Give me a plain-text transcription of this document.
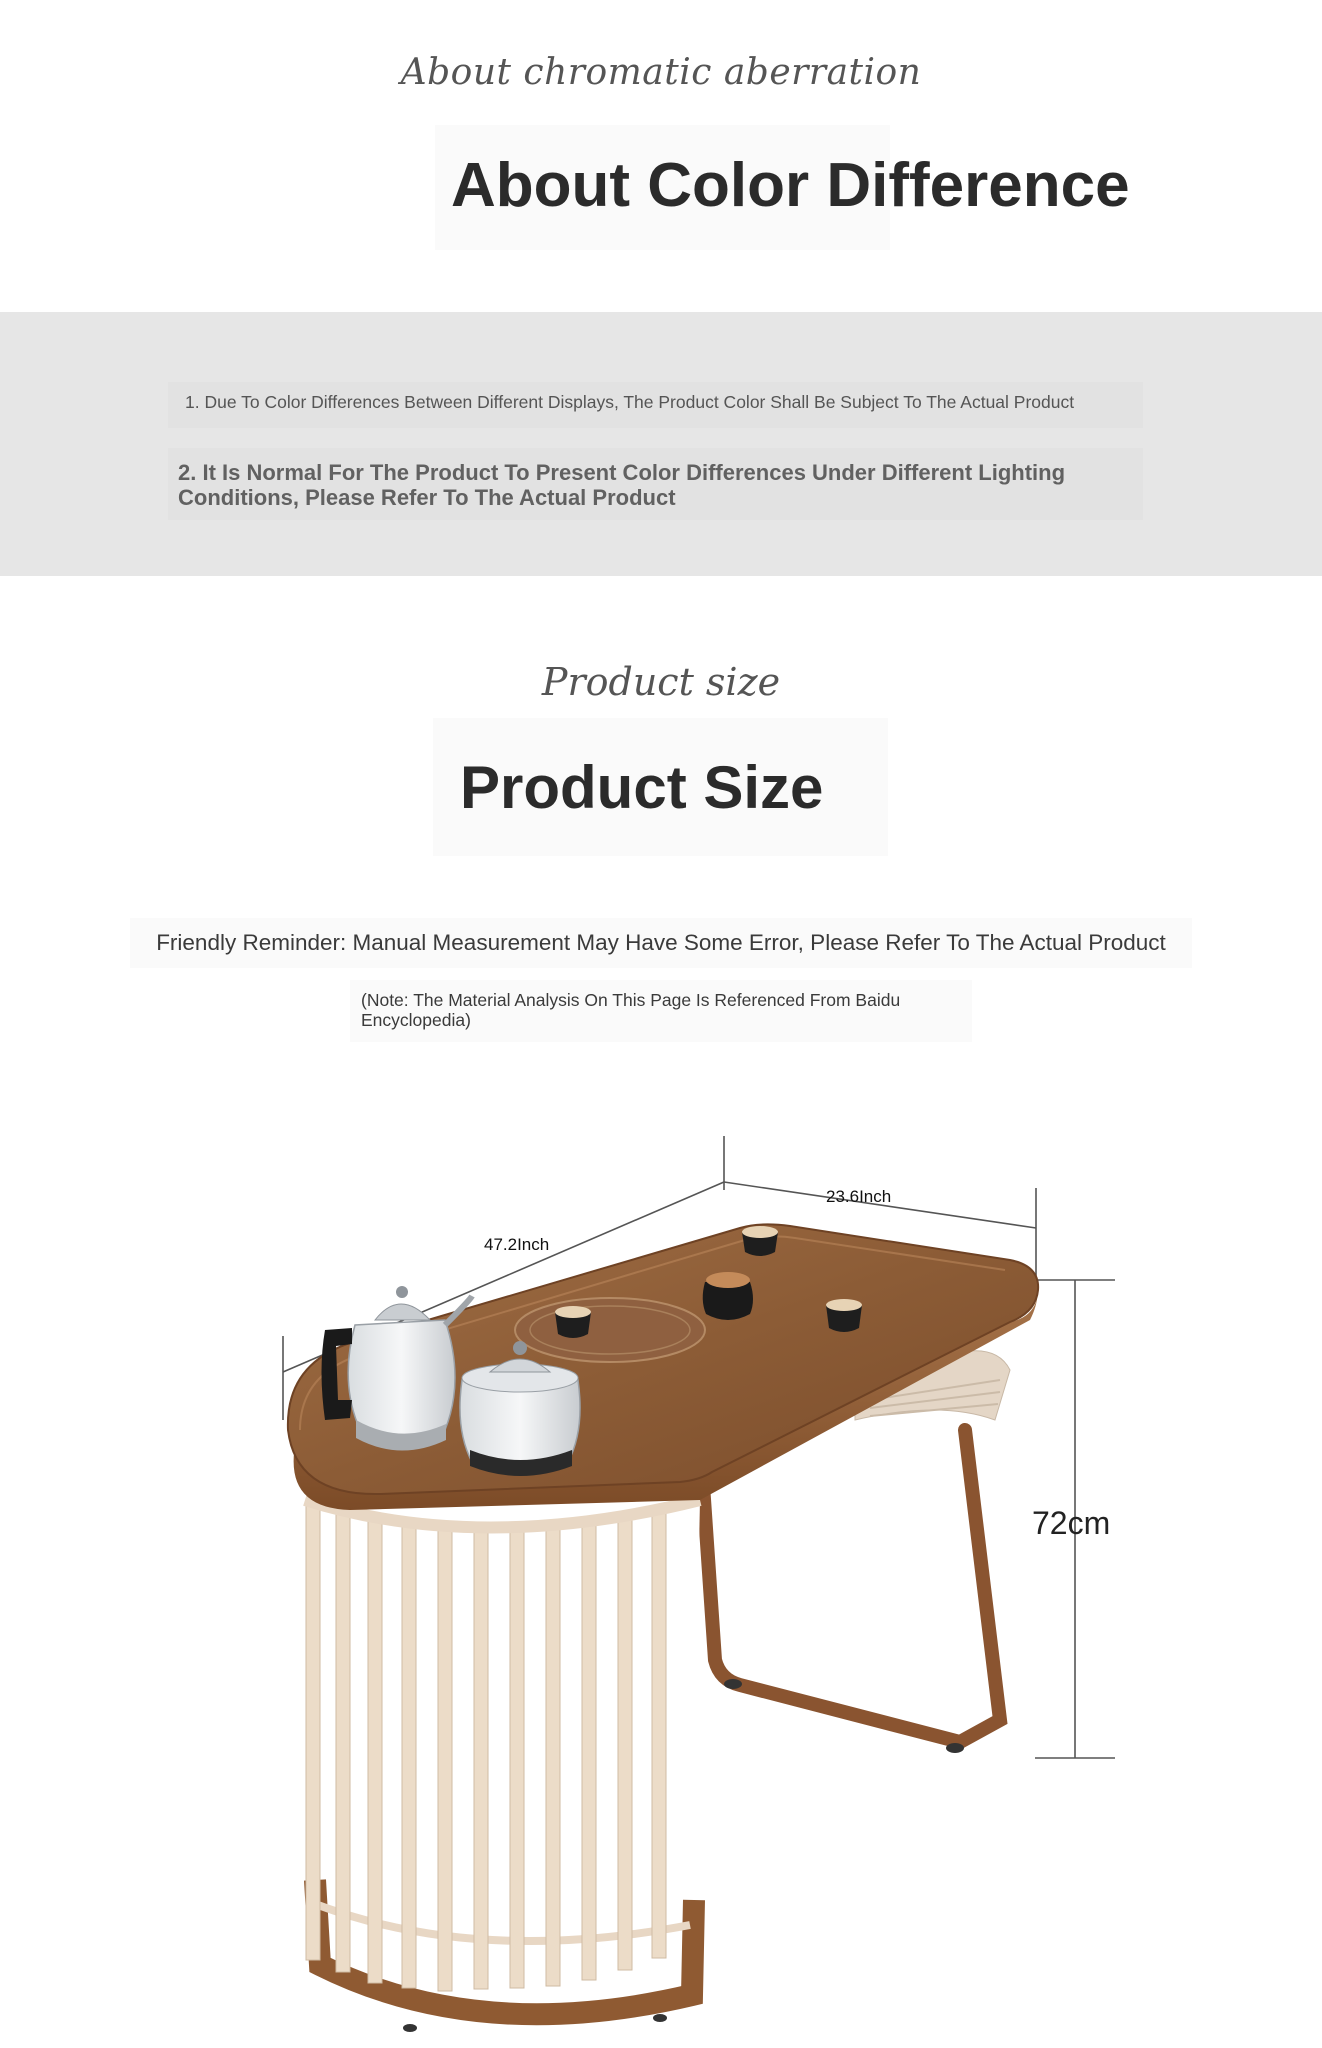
About chromatic aberration
About Color Difference
1. Due To Color Differences Between Different Displays, The Product Color Shall Be Subject To The Actual Product
2. It Is Normal For The Product To Present Color Differences Under Different Lighting Conditions, Please Refer To The Actual Product
Product size
Product Size
Friendly Reminder: Manual Measurement May Have Some Error, Please Refer To The Actual Product
(Note: The Material Analysis On This Page Is Referenced From Baidu Encyclopedia)
47.2Inch
23.6Inch
72cm
